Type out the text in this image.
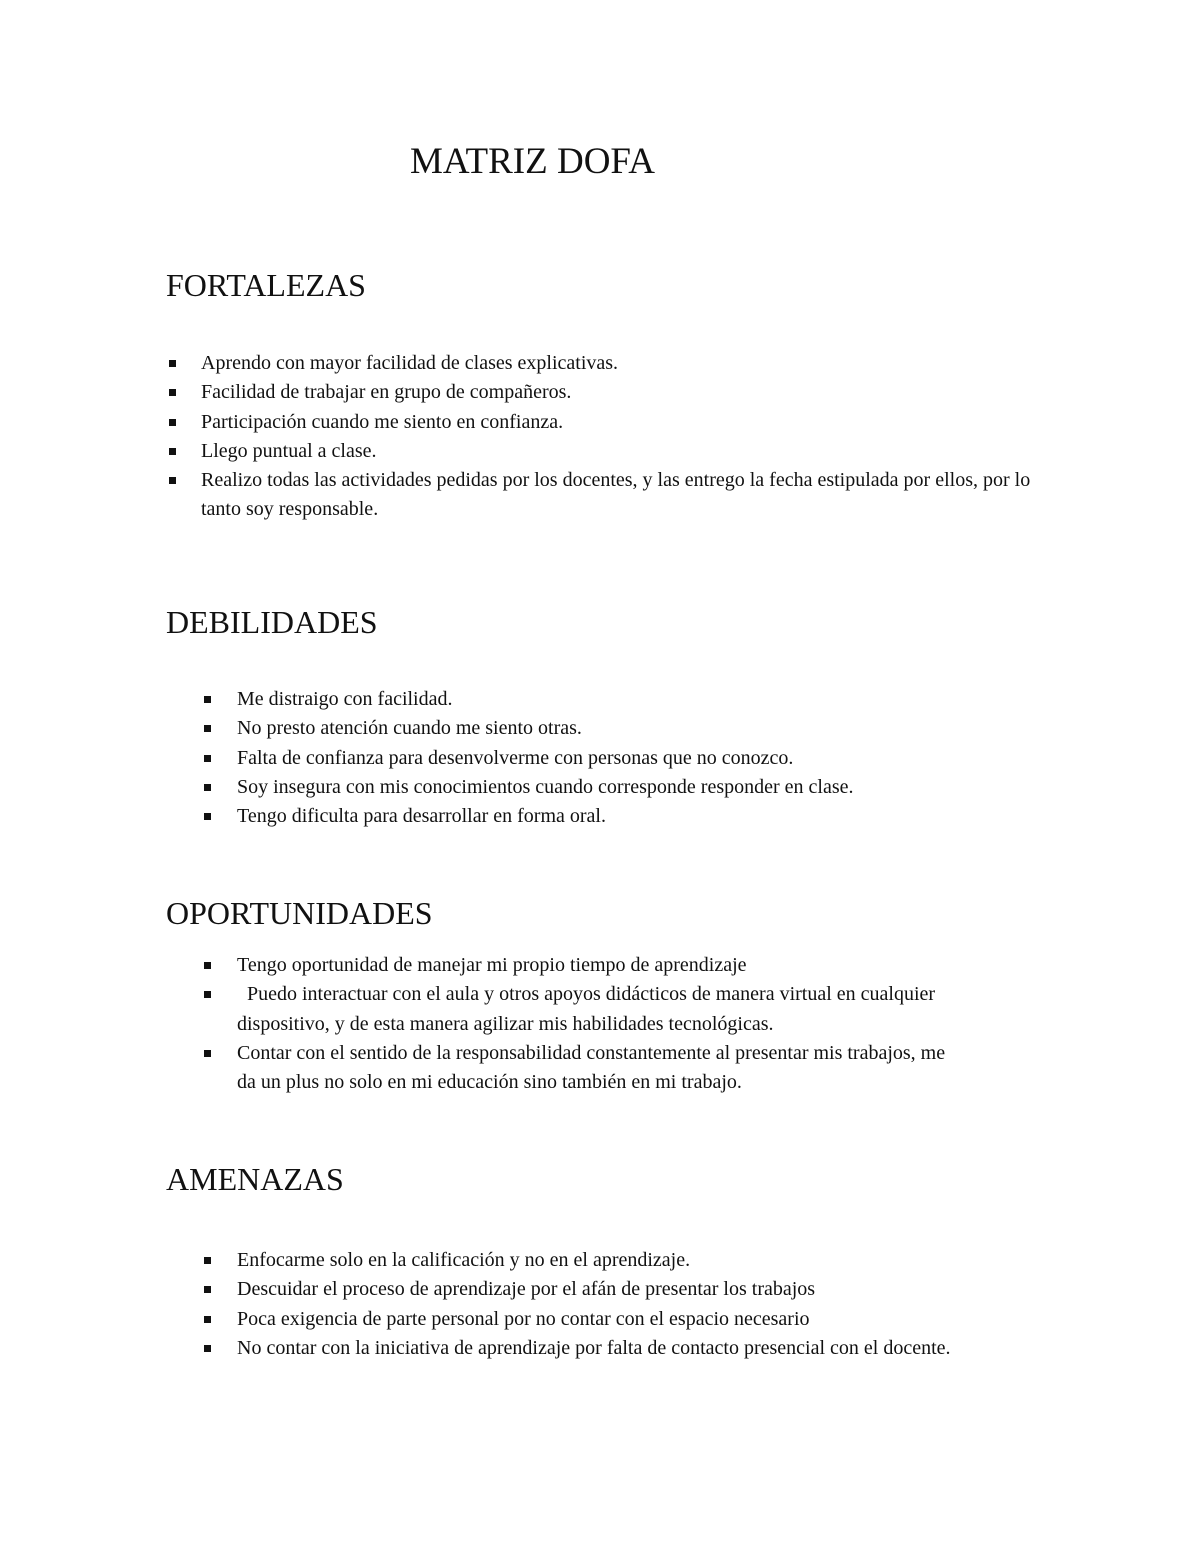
MATRIZ DOFA
FORTALEZAS
Aprendo con mayor facilidad de clases explicativas.
Facilidad de trabajar en grupo de compañeros.
Participación cuando me siento en confianza.
Llego puntual a clase.
Realizo todas las actividades pedidas por los docentes, y las entrego la fecha estipulada por ellos, por lo tanto soy responsable.
DEBILIDADES
Me distraigo con facilidad.
No presto atención cuando me siento otras.
Falta de confianza para desenvolverme con personas que no conozco.
Soy insegura con mis conocimientos cuando corresponde responder en clase.
Tengo dificulta para desarrollar en forma oral.
OPORTUNIDADES
Tengo oportunidad de manejar mi propio tiempo de aprendizaje
Puedo interactuar con el aula y otros apoyos didácticos de manera virtual en cualquier dispositivo, y de esta manera agilizar mis habilidades tecnológicas.
Contar con el sentido de la responsabilidad constantemente al presentar mis trabajos, me da un plus no solo en mi educación sino también en mi trabajo.
AMENAZAS
Enfocarme solo en la calificación y no en el aprendizaje.
Descuidar el proceso de aprendizaje por el afán de presentar los trabajos
Poca exigencia de parte personal por no contar con el espacio necesario
No contar con la iniciativa de aprendizaje por falta de contacto presencial con el docente.
